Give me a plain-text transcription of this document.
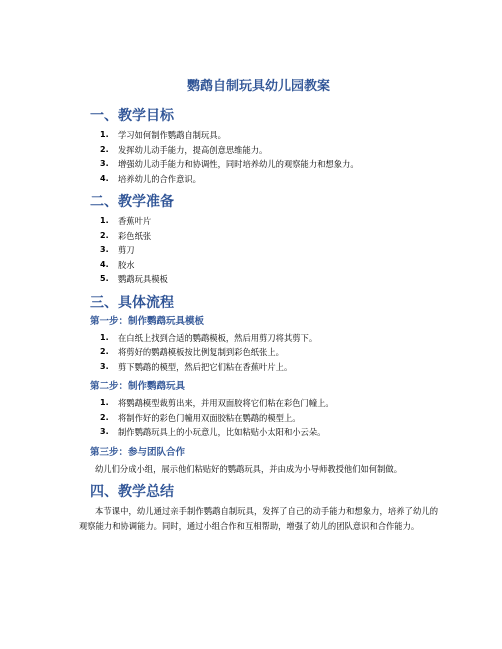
鹦鹉自制玩具幼儿园教案
一、教学目标
1. 学习如何制作鹦鹉自制玩具。
2. 发挥幼儿动手能力，提高创意思维能力。
3. 增强幼儿动手能力和协调性，同时培养幼儿的观察能力和想象力。
4. 培养幼儿的合作意识。
二、教学准备
1. 香蕉叶片
2. 彩色纸张
3. 剪刀
4. 胶水
5. 鹦鹉玩具模板
三、具体流程
第一步：制作鹦鹉玩具模板
1. 在白纸上找到合适的鹦鹉模板，然后用剪刀将其剪下。
2. 将剪好的鹦鹉模板按比例复制到彩色纸张上。
3. 剪下鹦鹉的模型，然后把它们粘在香蕉叶片上。
第二步：制作鹦鹉玩具
1. 将鹦鹉模型裁剪出来，并用双面胶将它们粘在彩色门幢上。
2. 将制作好的彩色门幢用双面胶粘在鹦鹉的模型上。
3. 制作鹦鹉玩具上的小玩意儿，比如粘贴小太阳和小云朵。
第三步：参与团队合作

幼儿们分成小组，展示他们粘贴好的鹦鹉玩具，并由成为小导师教授他们如何制做。

四、教学总结

本节课中，幼儿通过亲手制作鹦鹉自制玩具，发挥了自己的动手能力和想象力，培养了幼儿的观察能力和协调能力。同时，通过小组合作和互相帮助，增强了幼儿的团队意识和合作能力。
